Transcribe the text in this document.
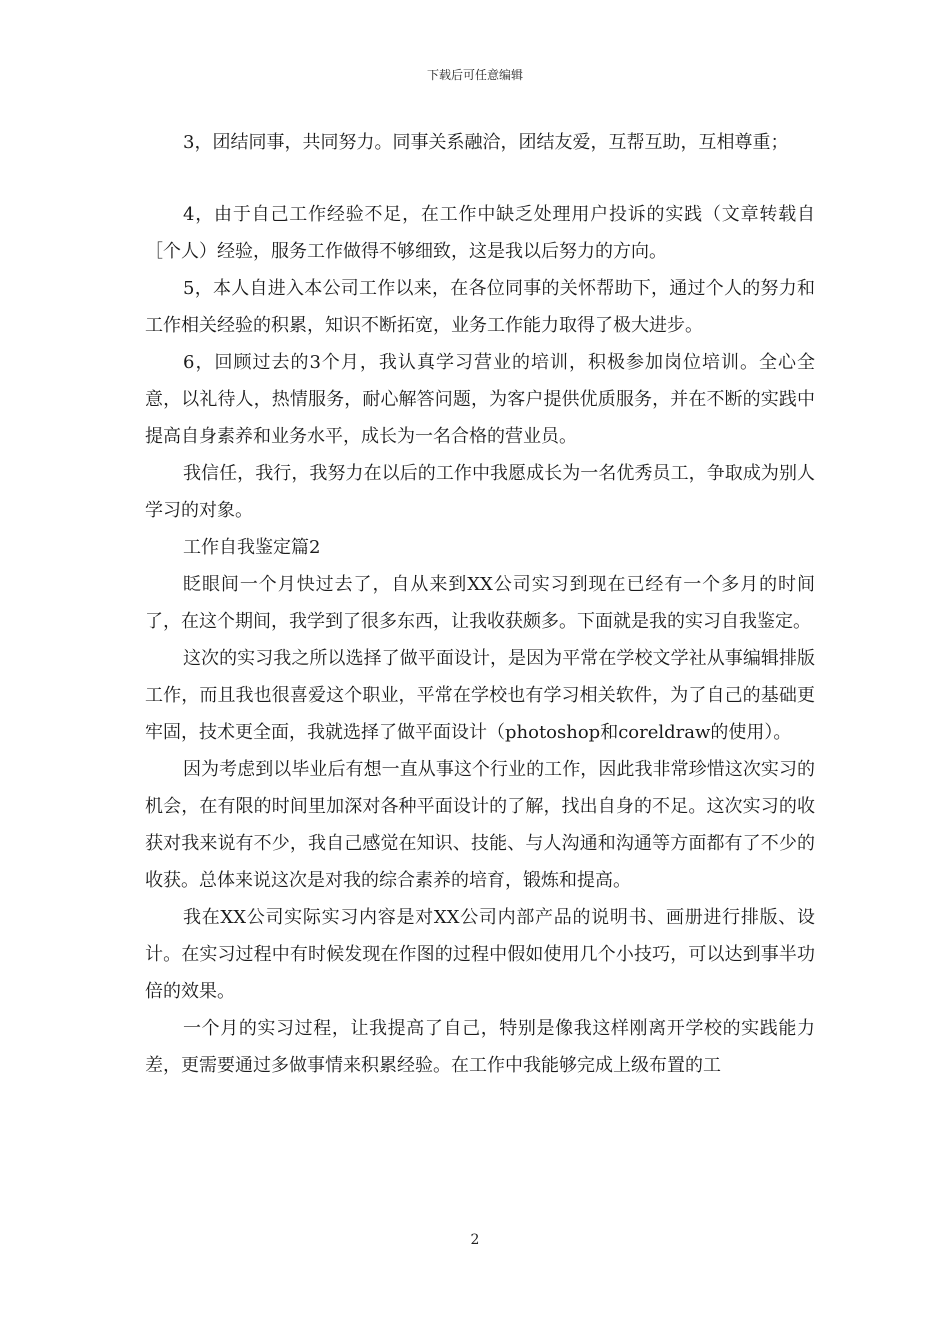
下载后可任意编辑

3，团结同事，共同努力。同事关系融洽，团结友爱，互帮互助，互相尊重；

4，由于自己工作经验不足，在工作中缺乏处理用户投诉的实践（文章转载自［个人）经验，服务工作做得不够细致，这是我以后努力的方向。

5，本人自进入本公司工作以来，在各位同事的关怀帮助下，通过个人的努力和工作相关经验的积累，知识不断拓宽，业务工作能力取得了极大进步。

6，回顾过去的3个月，我认真学习营业的培训，积极参加岗位培训。全心全意，以礼待人，热情服务，耐心解答问题，为客户提供优质服务，并在不断的实践中提高自身素养和业务水平，成长为一名合格的营业员。

我信任，我行，我努力在以后的工作中我愿成长为一名优秀员工，争取成为别人学习的对象。

工作自我鉴定篇2

眨眼间一个月快过去了，自从来到XX公司实习到现在已经有一个多月的时间了，在这个期间，我学到了很多东西，让我收获颇多。下面就是我的实习自我鉴定。

这次的实习我之所以选择了做平面设计，是因为平常在学校文学社从事编辑排版工作，而且我也很喜爱这个职业，平常在学校也有学习相关软件，为了自己的基础更牢固，技术更全面，我就选择了做平面设计（photoshop和coreldraw的使用）。

因为考虑到以毕业后有想一直从事这个行业的工作，因此我非常珍惜这次实习的机会，在有限的时间里加深对各种平面设计的了解，找出自身的不足。这次实习的收获对我来说有不少，我自己感觉在知识、技能、与人沟通和沟通等方面都有了不少的收获。总体来说这次是对我的综合素养的培育，锻炼和提高。

我在XX公司实际实习内容是对XX公司内部产品的说明书、画册进行排版、设计。在实习过程中有时候发现在作图的过程中假如使用几个小技巧，可以达到事半功倍的效果。

一个月的实习过程，让我提高了自己，特别是像我这样刚离开学校的实践能力差，更需要通过多做事情来积累经验。在工作中我能够完成上级布置的工

2
